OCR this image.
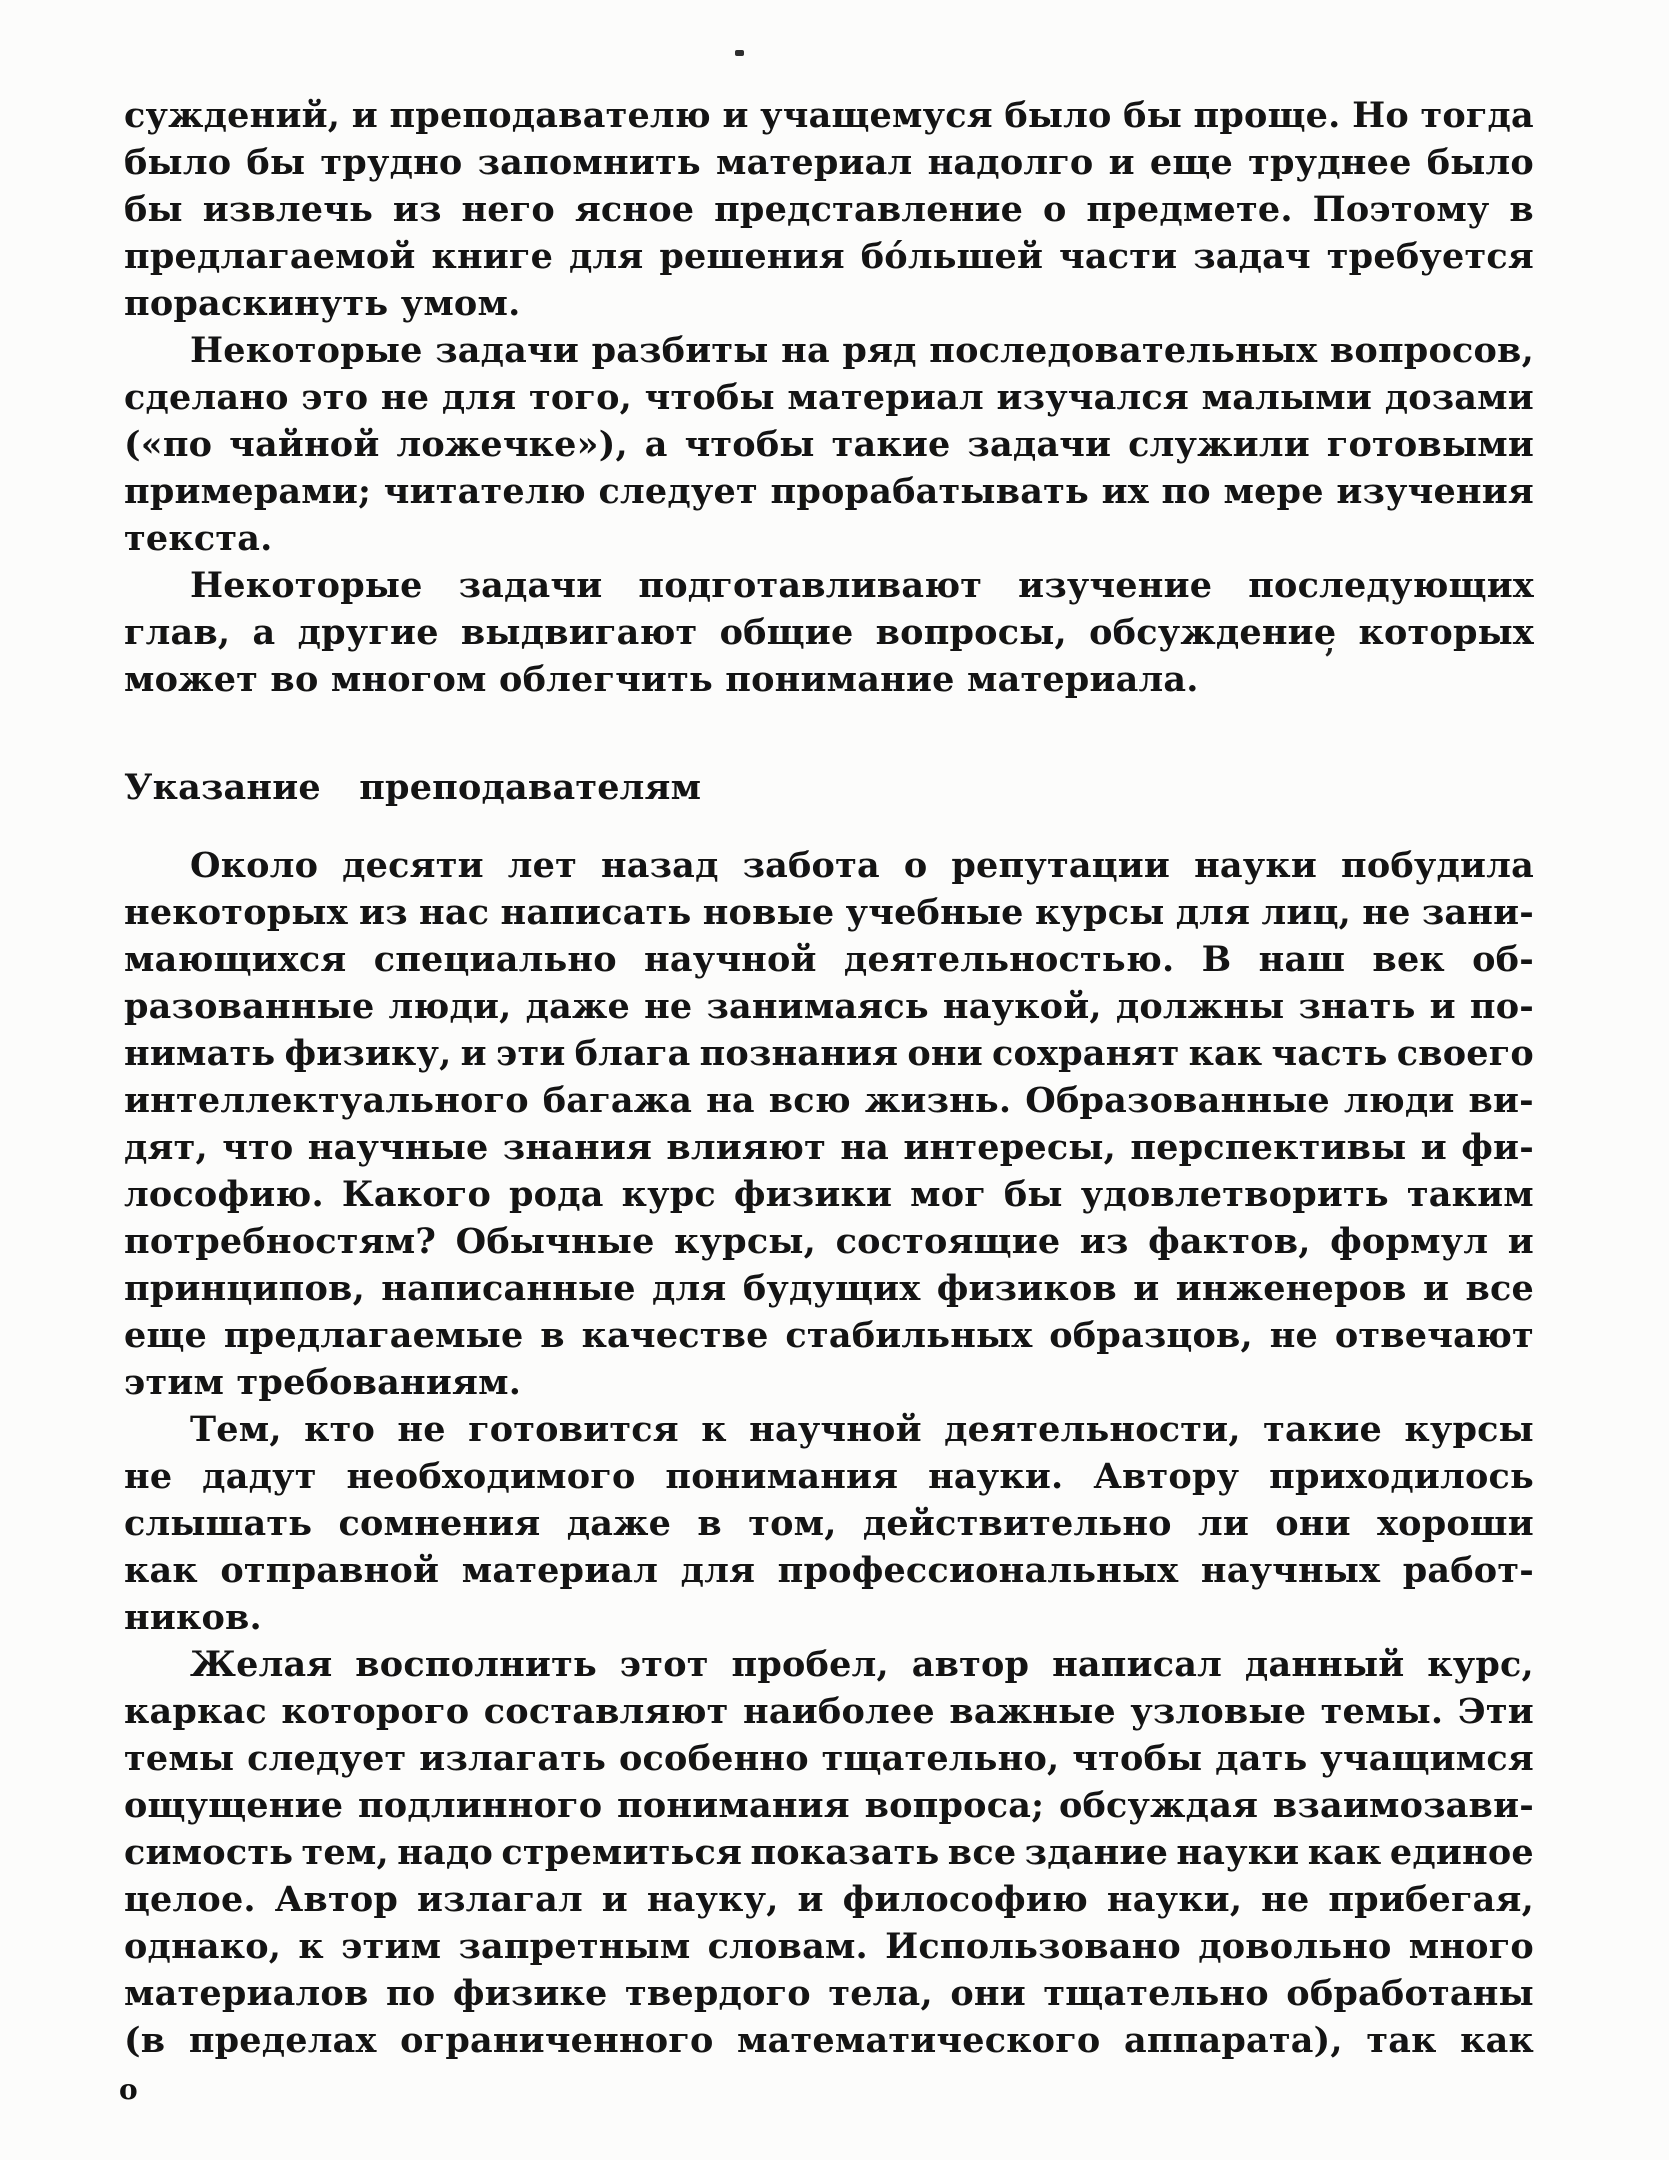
суждений, и преподавателю и учащемуся было бы проще. Но тогда
было бы трудно запомнить материал надолго и еще труднее было
бы извлечь из него ясное представление о предмете. Поэтому в
предлагаемой книге для решения бо́льшей части задач требуется
пораскинуть умом.
Некоторые задачи разбиты на ряд последовательных вопросов,
сделано это не для того, чтобы материал изучался малыми дозами
(«по чайной ложечке»), а чтобы такие задачи служили готовыми
примерами; читателю следует прорабатывать их по мере изучения
текста.
Некоторые задачи подготавливают изучение последующих
глав, а другие выдвигают общие вопросы, обсуждение которых
может во многом облегчить понимание материала.
Указание преподавателям
Около десяти лет назад забота о репутации науки побудила
некоторых из нас написать новые учебные курсы для лиц, не зани-
мающихся специально научной деятельностью. В наш век об-
разованные люди, даже не занимаясь наукой, должны знать и по-
нимать физику, и эти блага познания они сохранят как часть своего
интеллектуального багажа на всю жизнь. Образованные люди ви-
дят, что научные знания влияют на интересы, перспективы и фи-
лософию. Какого рода курс физики мог бы удовлетворить таким
потребностям? Обычные курсы, состоящие из фактов, формул и
принципов, написанные для будущих физиков и инженеров и все
еще предлагаемые в качестве стабильных образцов, не отвечают
этим требованиям.
Тем, кто не готовится к научной деятельности, такие курсы
не дадут необходимого понимания науки. Автору приходилось
слышать сомнения даже в том, действительно ли они хороши
как отправной материал для профессиональных научных работ-
ников.
Желая восполнить этот пробел, автор написал данный курс,
каркас которого составляют наиболее важные узловые темы. Эти
темы следует излагать особенно тщательно, чтобы дать учащимся
ощущение подлинного понимания вопроса; обсуждая взаимозави-
симость тем, надо стремиться показать все здание науки как единое
целое. Автор излагал и науку, и философию науки, не прибегая,
однако, к этим запретным словам. Использовано довольно много
материалов по физике твердого тела, они тщательно обработаны
(в пределах ограниченного математического аппарата), так как
’
о
